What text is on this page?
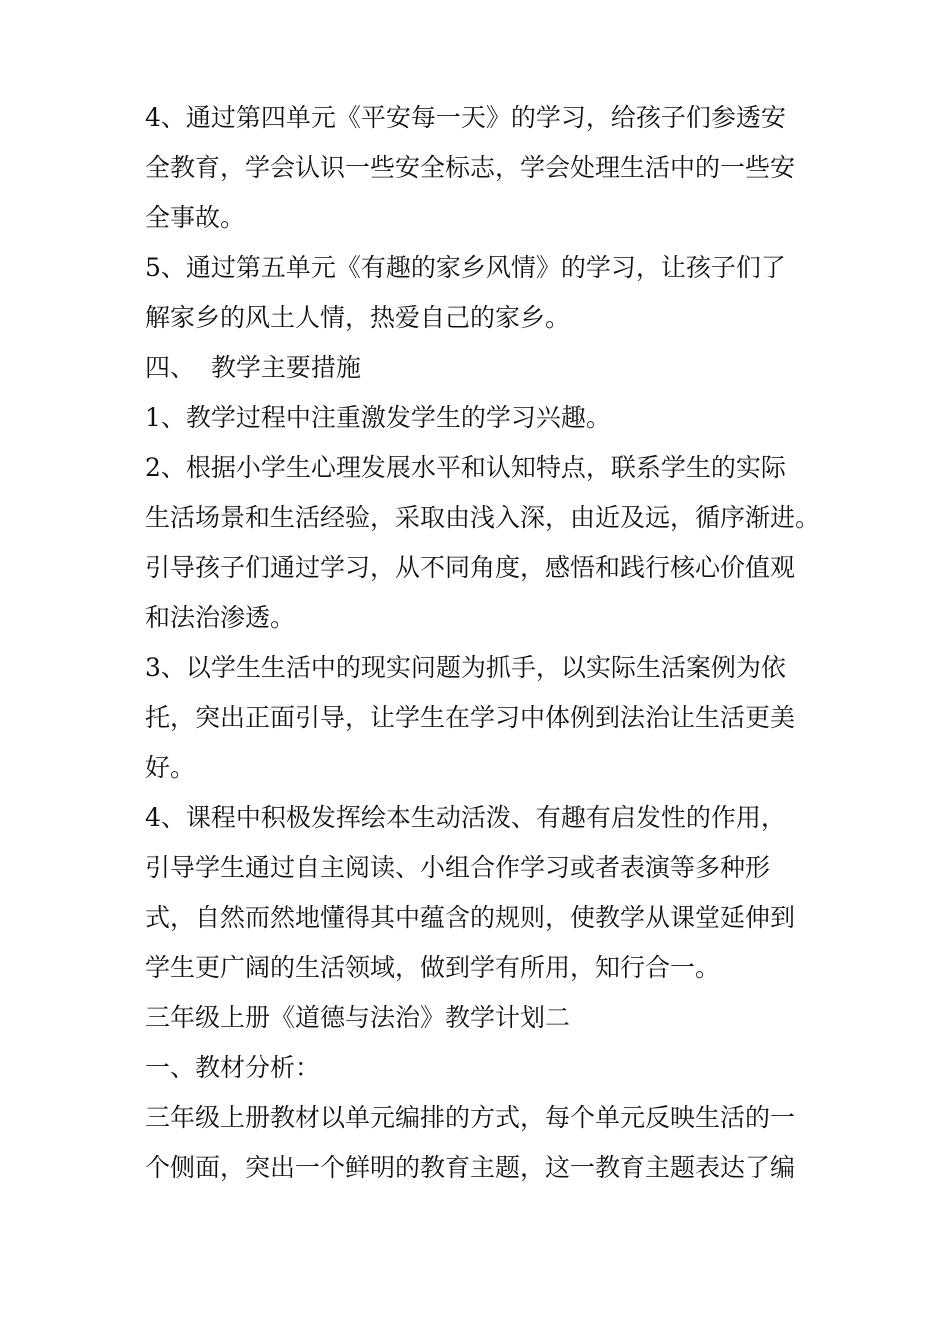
4、通过第四单元《平安每一天》的学习，给孩子们参透安
全教育，学会认识一些安全标志，学会处理生活中的一些安
全事故。
5、通过第五单元《有趣的家乡风情》的学习，让孩子们了
解家乡的风土人情，热爱自己的家乡。
四、  教学主要措施
1、教学过程中注重激发学生的学习兴趣。
2、根据小学生心理发展水平和认知特点，联系学生的实际
生活场景和生活经验，采取由浅入深，由近及远，循序渐进。
引导孩子们通过学习，从不同角度，感悟和践行核心价值观
和法治渗透。
3、以学生生活中的现实问题为抓手，以实际生活案例为依
托，突出正面引导，让学生在学习中体例到法治让生活更美
好。
4、课程中积极发挥绘本生动活泼、有趣有启发性的作用，
引导学生通过自主阅读、小组合作学习或者表演等多种形
式，自然而然地懂得其中蕴含的规则，使教学从课堂延伸到
学生更广阔的生活领域，做到学有所用，知行合一。
三年级上册《道德与法治》教学计划二
一、教材分析：
三年级上册教材以单元编排的方式，每个单元反映生活的一
个侧面，突出一个鲜明的教育主题，这一教育主题表达了编
